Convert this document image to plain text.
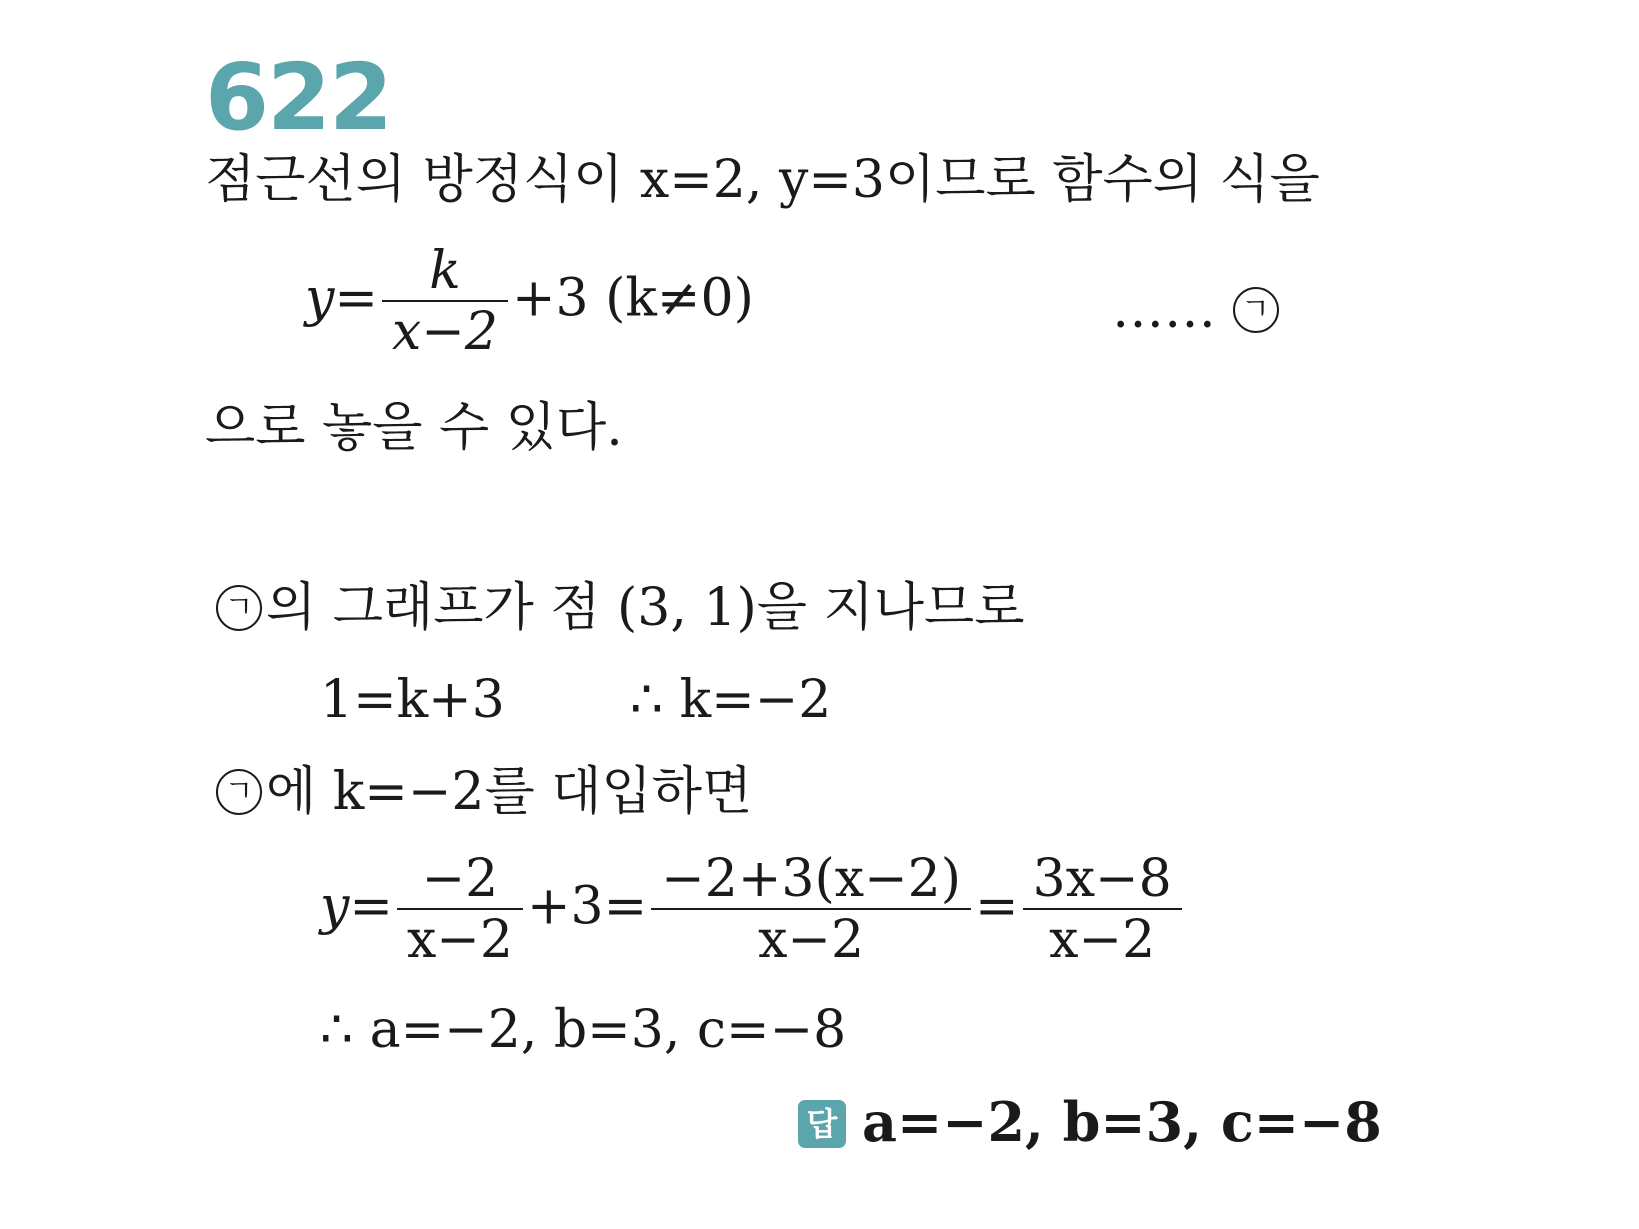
622
점근선의 방정식이 x=2, y=3이므로 함수의 식을
$y= \frac{k}{x-2} +3$ (k≠0)	…… ㄱ
으로 놓을 수 있다.
ㄱ 의 그래프가 점 (3, 1)을 지나므로
1=k+3 ∴ k=−2
ㄱ 에 k=−2를 대입하면
$y= \frac{-2}{x-2} +3= \frac{-2+3(x-2)}{x-2} = \frac{3x-8}{x-2}$
∴ a=−2, b=3, c=−8
답 a=−2, b=3, c=−8
